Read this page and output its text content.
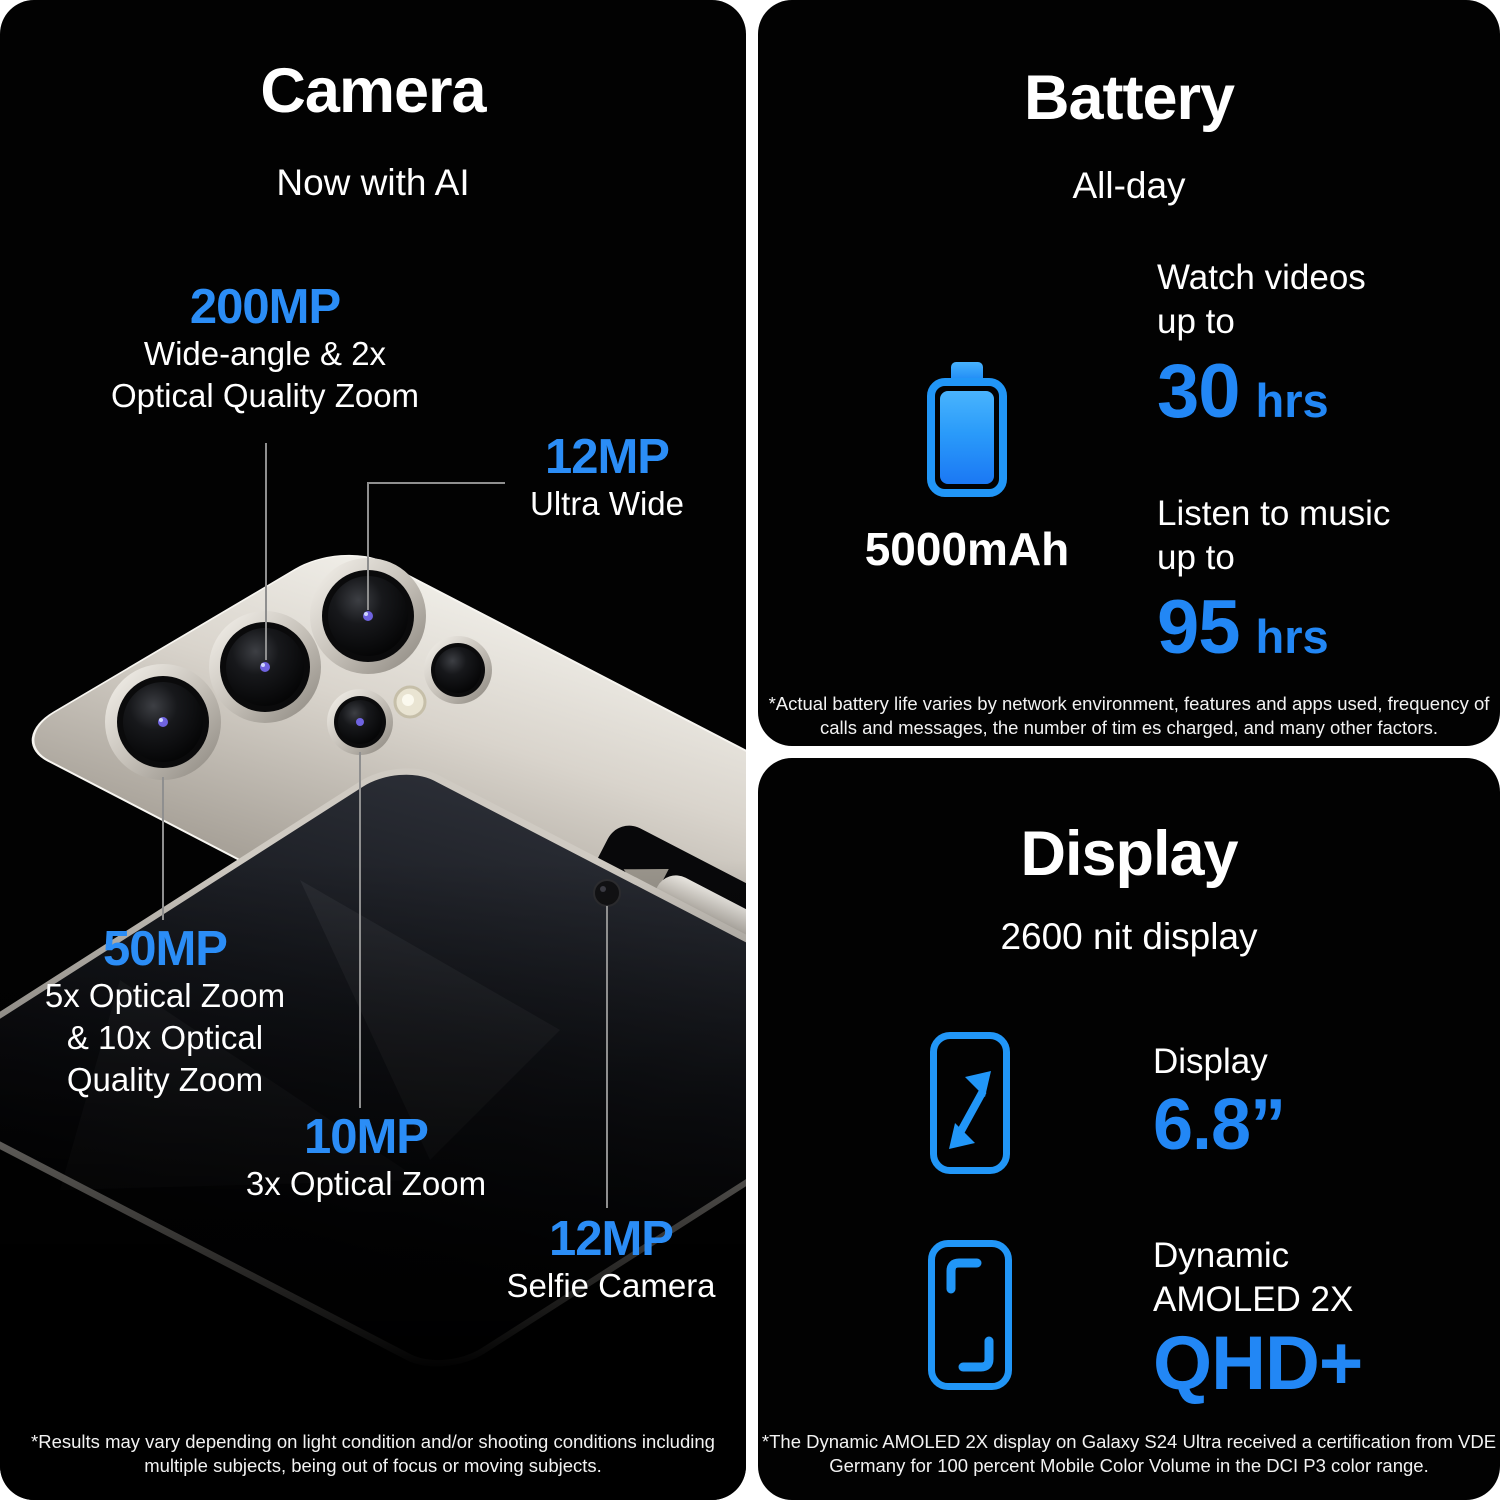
Camera
Now with AI
200MP
Wide-angle & 2x
Optical Quality Zoom
12MP
Ultra Wide
50MP
5x Optical Zoom
& 10x Optical
Quality Zoom
10MP
3x Optical Zoom
12MP
Selfie Camera
*Results may vary depending on light condition and/or shooting conditions including
multiple subjects, being out of focus or moving subjects.
Battery
All-day
5000mAh
Watch videos
up to
30 hrs
Listen to music
up to
95 hrs
*Actual battery life varies by network environment, features and apps used, frequency of
calls and messages, the number of tim es charged, and many other factors.
Display
2600 nit display
Display
6.8”
Dynamic
AMOLED 2X
QHD+
*The Dynamic AMOLED 2X display on Galaxy S24 Ultra received a certification from VDE
Germany for 100 percent Mobile Color Volume in the DCI P3 color range.
